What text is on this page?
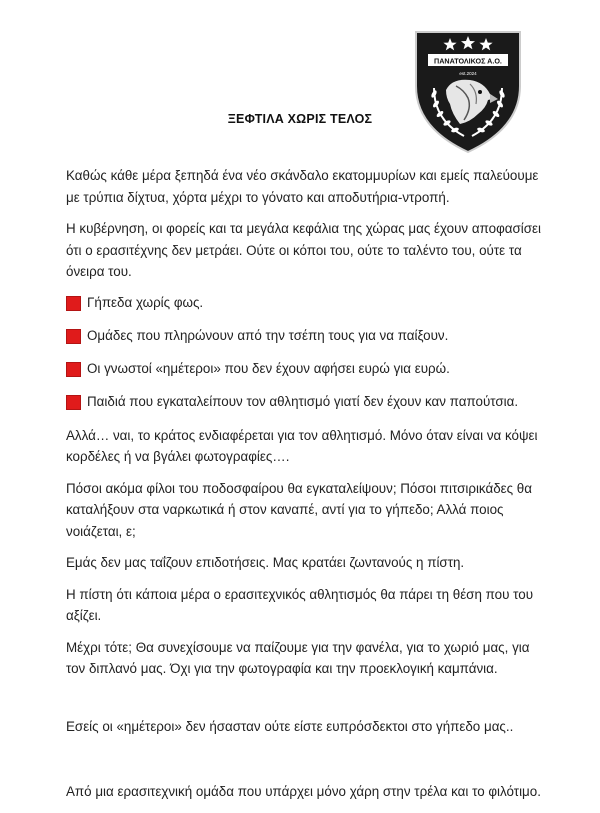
ΠΑΝΑΤΟΛΙΚΟΣ Α.Ο.
est.2024
ΞΕΦΤΙΛΑ ΧΩΡΙΣ ΤΕΛΟΣ

Καθώς κάθε μέρα ξεπηδά ένα νέο σκάνδαλο εκατομμυρίων και εμείς παλεύουμε με τρύπια δίχτυα, χόρτα μέχρι το γόνατο και αποδυτήρια-ντροπή.

Η κυβέρνηση, οι φορείς και τα μεγάλα κεφάλια της χώρας μας έχουν αποφασίσει ότι ο ερασιτέχνης δεν μετράει. Ούτε οι κόποι του, ούτε το ταλέντο του, ούτε τα όνειρα του.

Γήπεδα χωρίς φως.
Ομάδες που πληρώνουν από την τσέπη τους για να παίξουν.
Οι γνωστοί «ημέτεροι» που δεν έχουν αφήσει ευρώ για ευρώ.
Παιδιά που εγκαταλείπουν τον αθλητισμό γιατί δεν έχουν καν παπούτσια.

Αλλά… ναι, το κράτος ενδιαφέρεται για τον αθλητισμό. Μόνο όταν είναι να κόψει κορδέλες ή να βγάλει φωτογραφίες….

Πόσοι ακόμα φίλοι του ποδοσφαίρου θα εγκαταλείψουν; Πόσοι πιτσιρικάδες θα καταλήξουν στα ναρκωτικά ή στον καναπέ, αντί για το γήπεδο; Αλλά ποιος νοιάζεται, ε;

Εμάς δεν μας ταΐζουν επιδοτήσεις. Μας κρατάει ζωντανούς η πίστη.

Η πίστη ότι κάποια μέρα ο ερασιτεχνικός αθλητισμός θα πάρει τη θέση που του αξίζει.

Μέχρι τότε; Θα συνεχίσουμε να παίζουμε για την φανέλα, για το χωριό μας, για τον διπλανό μας. Όχι για την φωτογραφία και την προεκλογική καμπάνια.

Εσείς οι «ημέτεροι» δεν ήσασταν ούτε είστε ευπρόσδεκτοι στο γήπεδο μας..

Από μια ερασιτεχνική ομάδα που υπάρχει μόνο χάρη στην τρέλα και το φιλότιμο.
